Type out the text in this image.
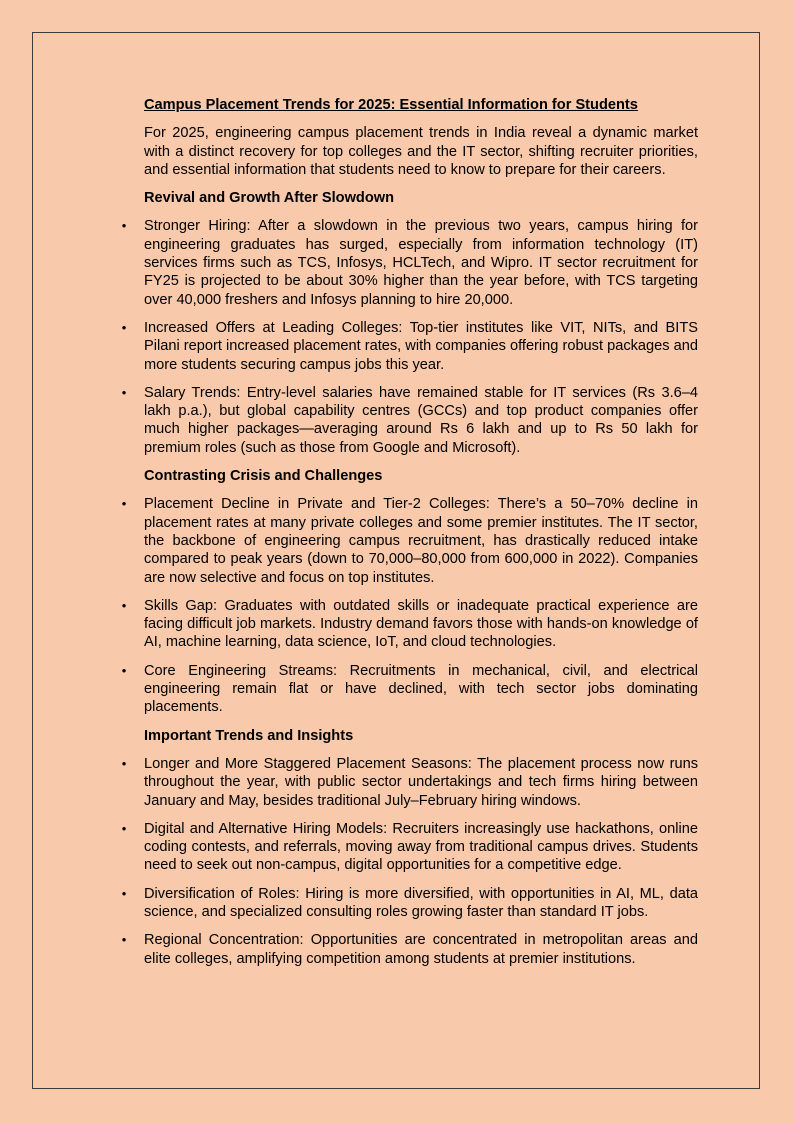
Campus Placement Trends for 2025: Essential Information for Students

For 2025, engineering campus placement trends in India reveal a dynamic market with a distinct recovery for top colleges and the IT sector, shifting recruiter priorities, and essential information that students need to know to prepare for their careers.

Revival and Growth After Slowdown

• Stronger Hiring: After a slowdown in the previous two years, campus hiring for engineering graduates has surged, especially from information technology (IT) services firms such as TCS, Infosys, HCLTech, and Wipro. IT sector recruitment for FY25 is projected to be about 30% higher than the year before, with TCS targeting over 40,000 freshers and Infosys planning to hire 20,000.
• Increased Offers at Leading Colleges: Top-tier institutes like VIT, NITs, and BITS Pilani report increased placement rates, with companies offering robust packages and more students securing campus jobs this year.
• Salary Trends: Entry-level salaries have remained stable for IT services (Rs 3.6–4 lakh p.a.), but global capability centres (GCCs) and top product companies offer much higher packages—averaging around Rs 6 lakh and up to Rs 50 lakh for premium roles (such as those from Google and Microsoft).

Contrasting Crisis and Challenges

• Placement Decline in Private and Tier-2 Colleges: There’s a 50–70% decline in placement rates at many private colleges and some premier institutes. The IT sector, the backbone of engineering campus recruitment, has drastically reduced intake compared to peak years (down to 70,000–80,000 from 600,000 in 2022). Companies are now selective and focus on top institutes.
• Skills Gap: Graduates with outdated skills or inadequate practical experience are facing difficult job markets. Industry demand favors those with hands-on knowledge of AI, machine learning, data science, IoT, and cloud technologies.
• Core Engineering Streams: Recruitments in mechanical, civil, and electrical engineering remain flat or have declined, with tech sector jobs dominating placements.

Important Trends and Insights

• Longer and More Staggered Placement Seasons: The placement process now runs throughout the year, with public sector undertakings and tech firms hiring between January and May, besides traditional July–February hiring windows.
• Digital and Alternative Hiring Models: Recruiters increasingly use hackathons, online coding contests, and referrals, moving away from traditional campus drives. Students need to seek out non-campus, digital opportunities for a competitive edge.
• Diversification of Roles: Hiring is more diversified, with opportunities in AI, ML, data science, and specialized consulting roles growing faster than standard IT jobs.
• Regional Concentration: Opportunities are concentrated in metropolitan areas and elite colleges, amplifying competition among students at premier institutions.
